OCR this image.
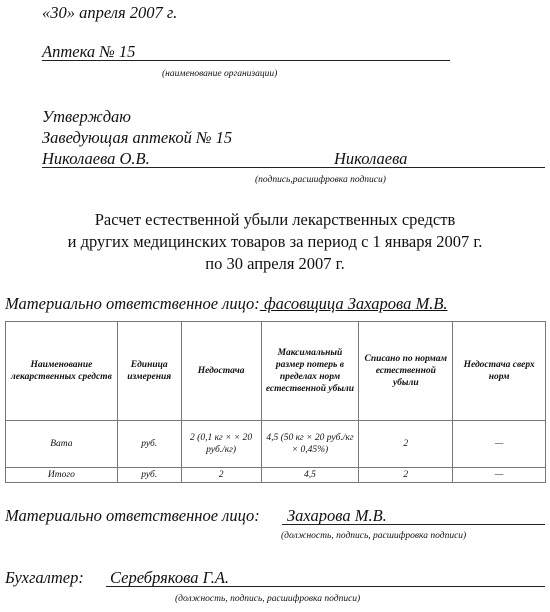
«30» апреля 2007 г.
Аптека № 15
(наименование организации)
Утверждаю
Заведующая аптекой № 15
Николаева О.В.	Николаева
(подпись,расшифровка подписи)
Расчет естественной убыли лекарственных средств
и других медицинских товаров за период с 1 января 2007 г.
по 30 апреля 2007 г.
Материально ответственное лицо: фасовщица Захарова М.В.
Наименование лекарственных средств	Единица измерения	Недостача	Максимальный размер потерь в пределах норм естественной убыли	Списано по нормам естественной убыли	Недостача сверх норм
Вата	руб.	2 (0,1 кг × × 20 руб./кг)	4,5 (50 кг × 20 руб./кг × 0,45%)	2	—
Итого	руб.	2	4,5	2	—
Материально ответственное лицо: Захарова М.В.
(должность, подпись, расшифровка подписи)
Бухгалтер: Серебрякова Г.А.
(должность, подпись, расшифровка подписи)
